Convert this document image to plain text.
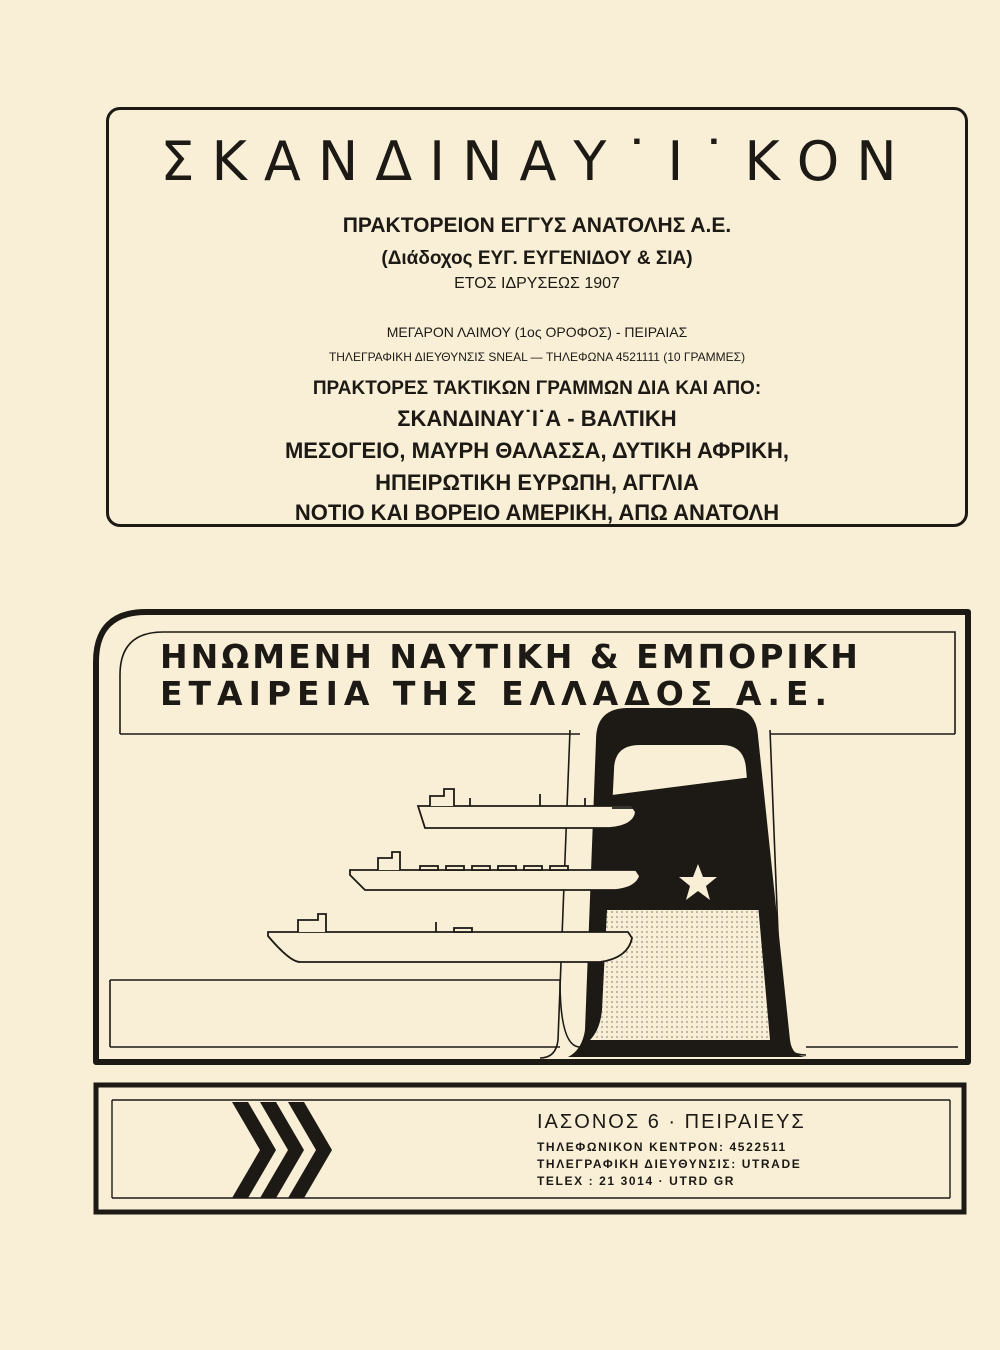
ΣΚΑΝΔΙΝΑΥ˙Ι˙ΚΟΝ
ΠΡΑΚΤΟΡΕΙΟΝ ΕΓΓΥΣ ΑΝΑΤΟΛΗΣ Α.Ε.
(Διάδοχος ΕΥΓ. ΕΥΓΕΝΙΔΟΥ & ΣΙΑ)
ΕΤΟΣ ΙΔΡΥΣΕΩΣ 1907
ΜΕΓΑΡΟΝ ΛΑΙΜΟΥ (1ος ΟΡΟΦΟΣ) - ΠΕΙΡΑΙΑΣ
ΤΗΛΕΓΡΑΦΙΚΗ ΔΙΕΥΘΥΝΣΙΣ SNEAL — ΤΗΛΕΦΩΝΑ 4521111 (10 ΓΡΑΜΜΕΣ)
ΠΡΑΚΤΟΡΕΣ ΤΑΚΤΙΚΩΝ ΓΡΑΜΜΩΝ ΔΙΑ ΚΑΙ ΑΠΟ:
ΣΚΑΝΔΙΝΑΥ˙Ι˙Α - ΒΑΛΤΙΚΗ
ΜΕΣΟΓΕΙΟ, ΜΑΥΡΗ ΘΑΛΑΣΣΑ, ΔΥΤΙΚΗ ΑΦΡΙΚΗ,
ΗΠΕΙΡΩΤΙΚΗ ΕΥΡΩΠΗ, ΑΓΓΛΙΑ
ΝΟΤΙΟ ΚΑΙ ΒΟΡΕΙΟ ΑΜΕΡΙΚΗ, ΑΠΩ ΑΝΑΤΟΛΗ
ΗΝΩΜΕΝΗ ΝΑΥΤΙΚΗ & ΕΜΠΟΡΙΚΗ
ΕΤΑΙΡΕΙΑ ΤΗΣ ΕΛΛΑΔΟΣ Α.Ε.
ΙΑΣΟΝΟΣ 6 · ΠΕΙΡΑΙΕΥΣ
ΤΗΛΕΦΩΝΙΚΟΝ ΚΕΝΤΡΟΝ: 4522511
ΤΗΛΕΓΡΑΦΙΚΗ ΔΙΕΥΘΥΝΣΙΣ: UTRADE
TELEX : 21 3014 · UTRD GR
